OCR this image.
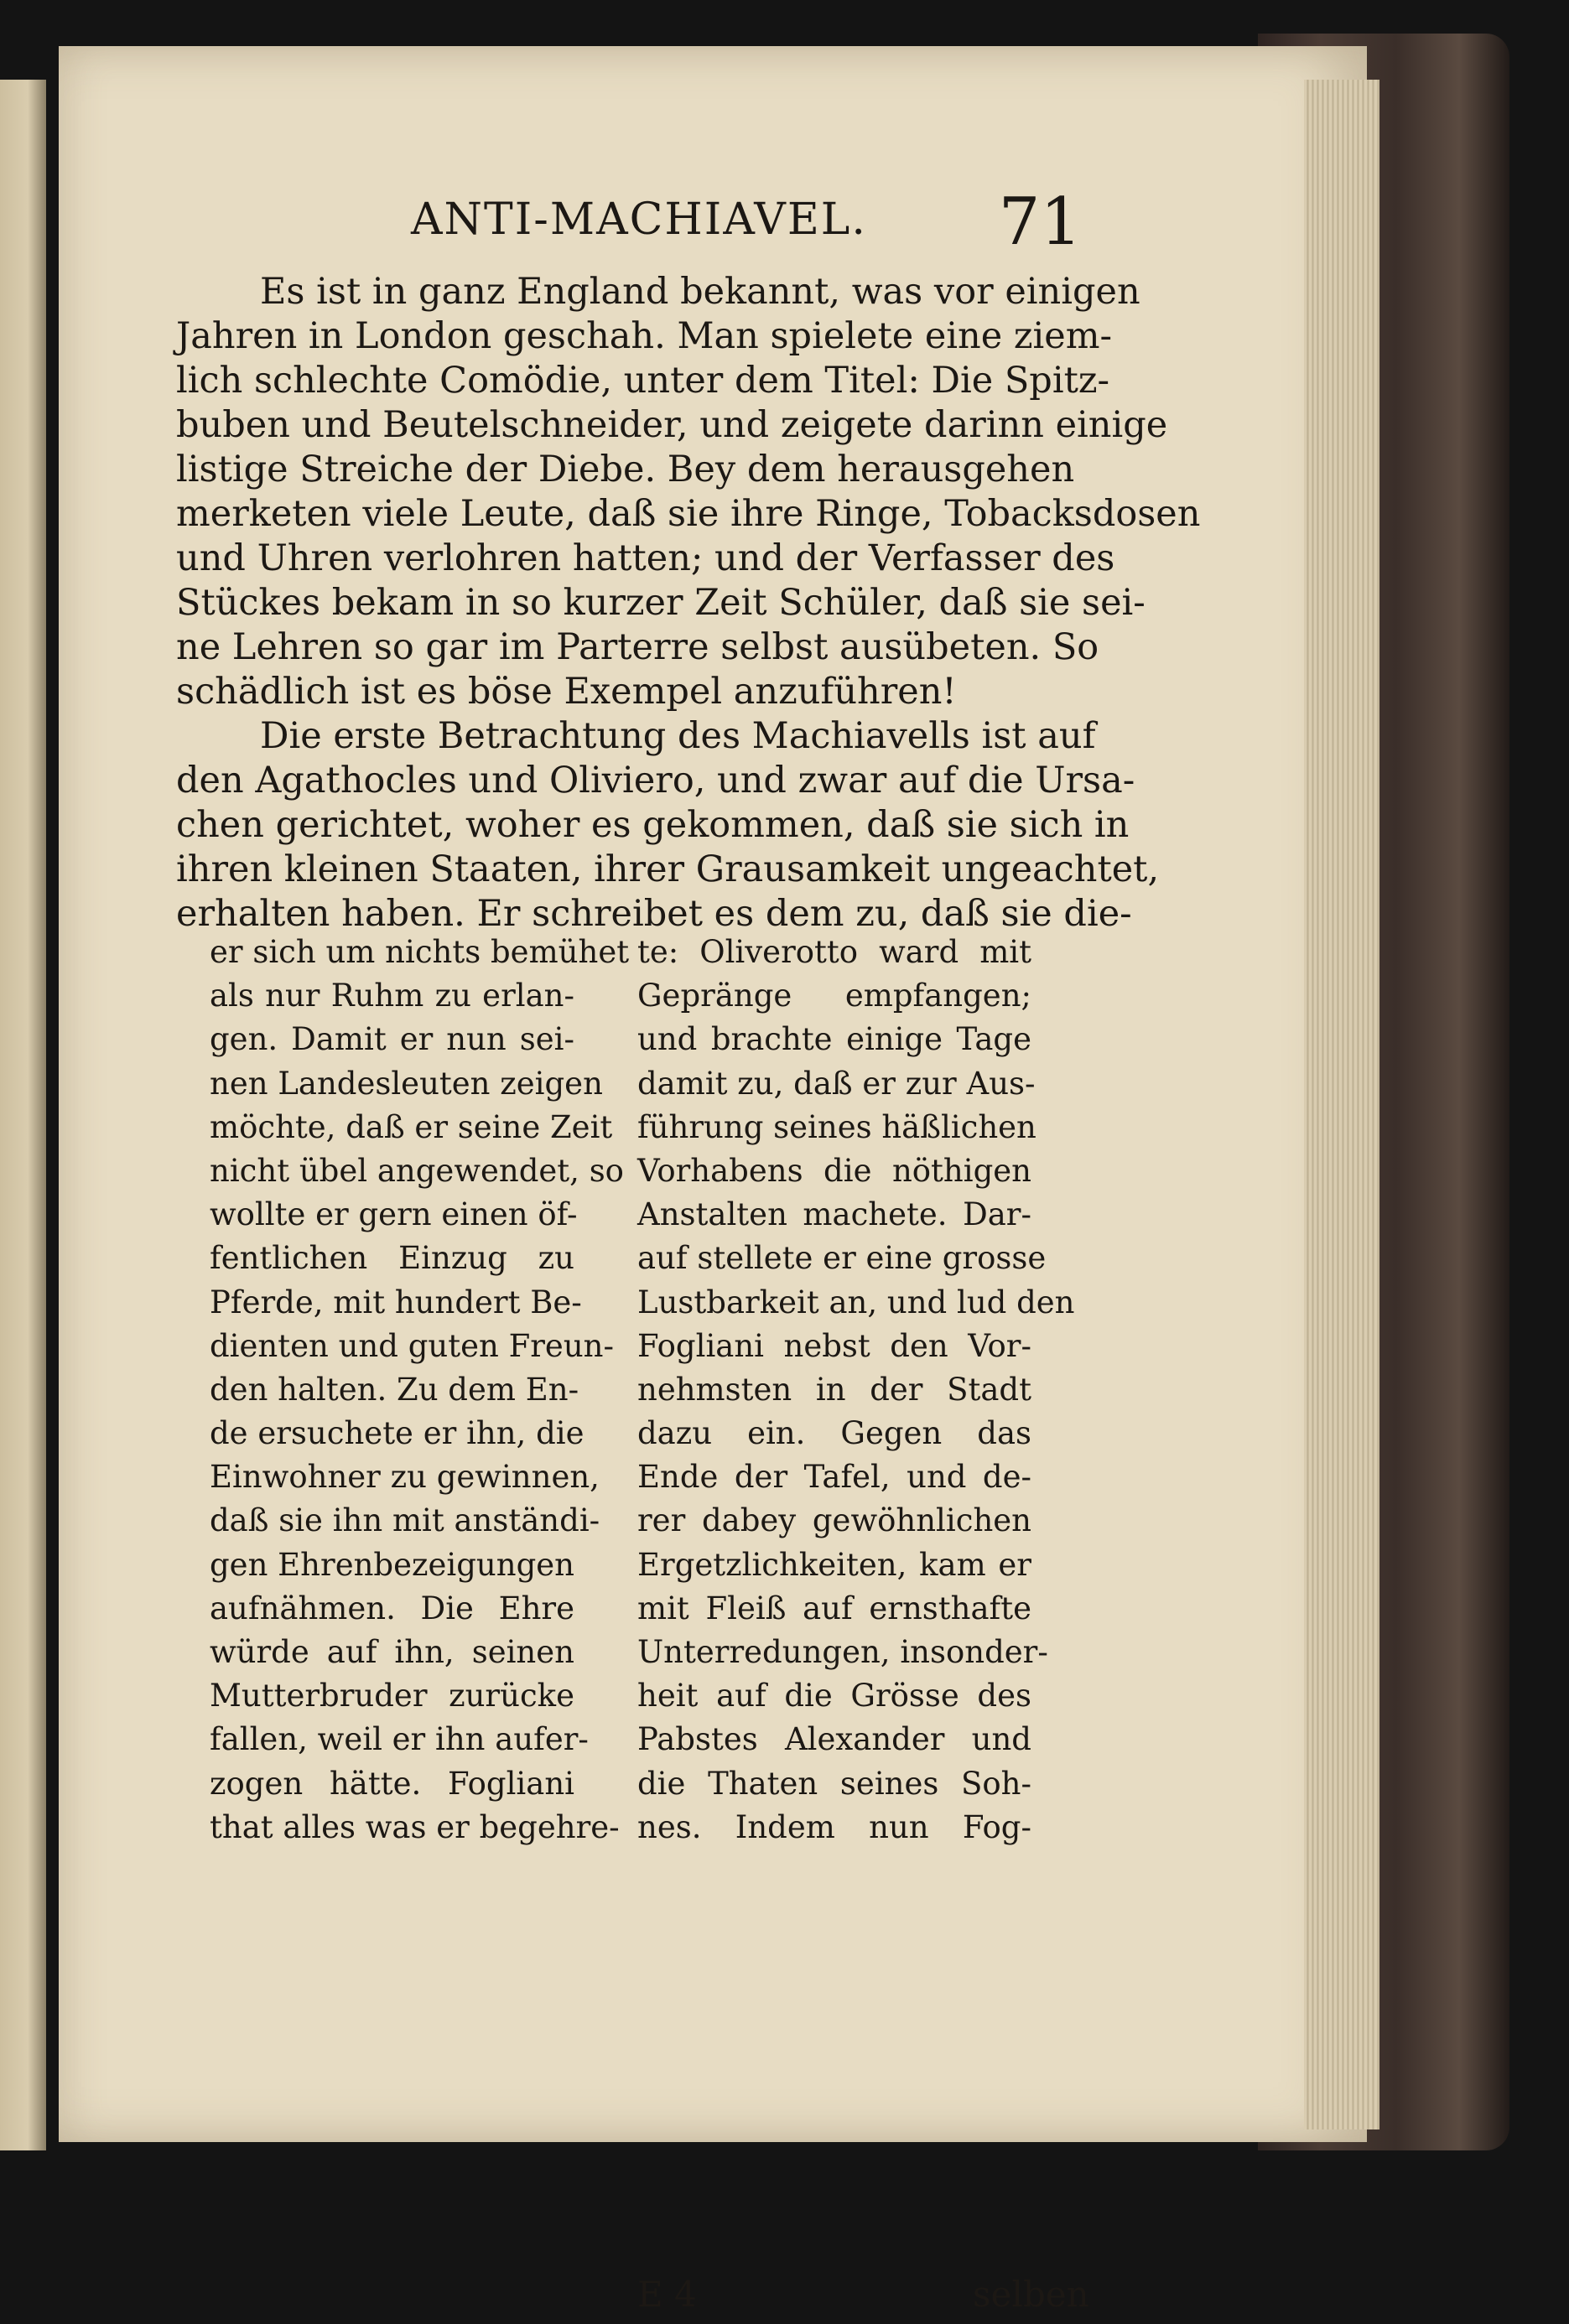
ANTI-MACHIAVEL.	71
Es ist in ganz England bekannt, was vor einigen
Jahren in London geschah. Man spielete eine ziem-
lich schlechte Comödie, unter dem Titel: Die Spitz-
buben und Beutelschneider, und zeigete darinn einige
listige Streiche der Diebe. Bey dem herausgehen
merketen viele Leute, daß sie ihre Ringe, Tobacksdosen
und Uhren verlohren hatten; und der Verfasser des
Stückes bekam in so kurzer Zeit Schüler, daß sie sei-
ne Lehren so gar im Parterre selbst ausübeten. So
schädlich ist es böse Exempel anzuführen!
Die erste Betrachtung des Machiavells ist auf
den Agathocles und Oliviero, und zwar auf die Ursa-
chen gerichtet, woher es gekommen, daß sie sich in
ihren kleinen Staaten, ihrer Grausamkeit ungeachtet,
erhalten haben. Er schreibet es dem zu, daß sie die-
er sich um nichts bemühet
als nur Ruhm zu erlan-
gen. Damit er nun sei-
nen Landesleuten zeigen
möchte, daß er seine Zeit
nicht übel angewendet, so
wollte er gern einen öf-
fentlichen Einzug zu
Pferde, mit hundert Be-
dienten und guten Freun-
den halten. Zu dem En-
de ersuchete er ihn, die
Einwohner zu gewinnen,
daß sie ihn mit anständi-
gen Ehrenbezeigungen
aufnähmen. Die Ehre
würde auf ihn, seinen
Mutterbruder zurücke
fallen, weil er ihn aufer-
zogen hätte. Fogliani
that alles was er begehre-
te: Oliverotto ward mit
Gepränge empfangen;
und brachte einige Tage
damit zu, daß er zur Aus-
führung seines häßlichen
Vorhabens die nöthigen
Anstalten machete. Dar-
auf stellete er eine grosse
Lustbarkeit an, und lud den
Fogliani nebst den Vor-
nehmsten in der Stadt
dazu ein. Gegen das
Ende der Tafel, und de-
rer dabey gewöhnlichen
Ergetzlichkeiten, kam er
mit Fleiß auf ernsthafte
Unterredungen, insonder-
heit auf die Grösse des
Pabstes Alexander und
die Thaten seines Soh-
nes. Indem nun Fog-
E 4	selben
